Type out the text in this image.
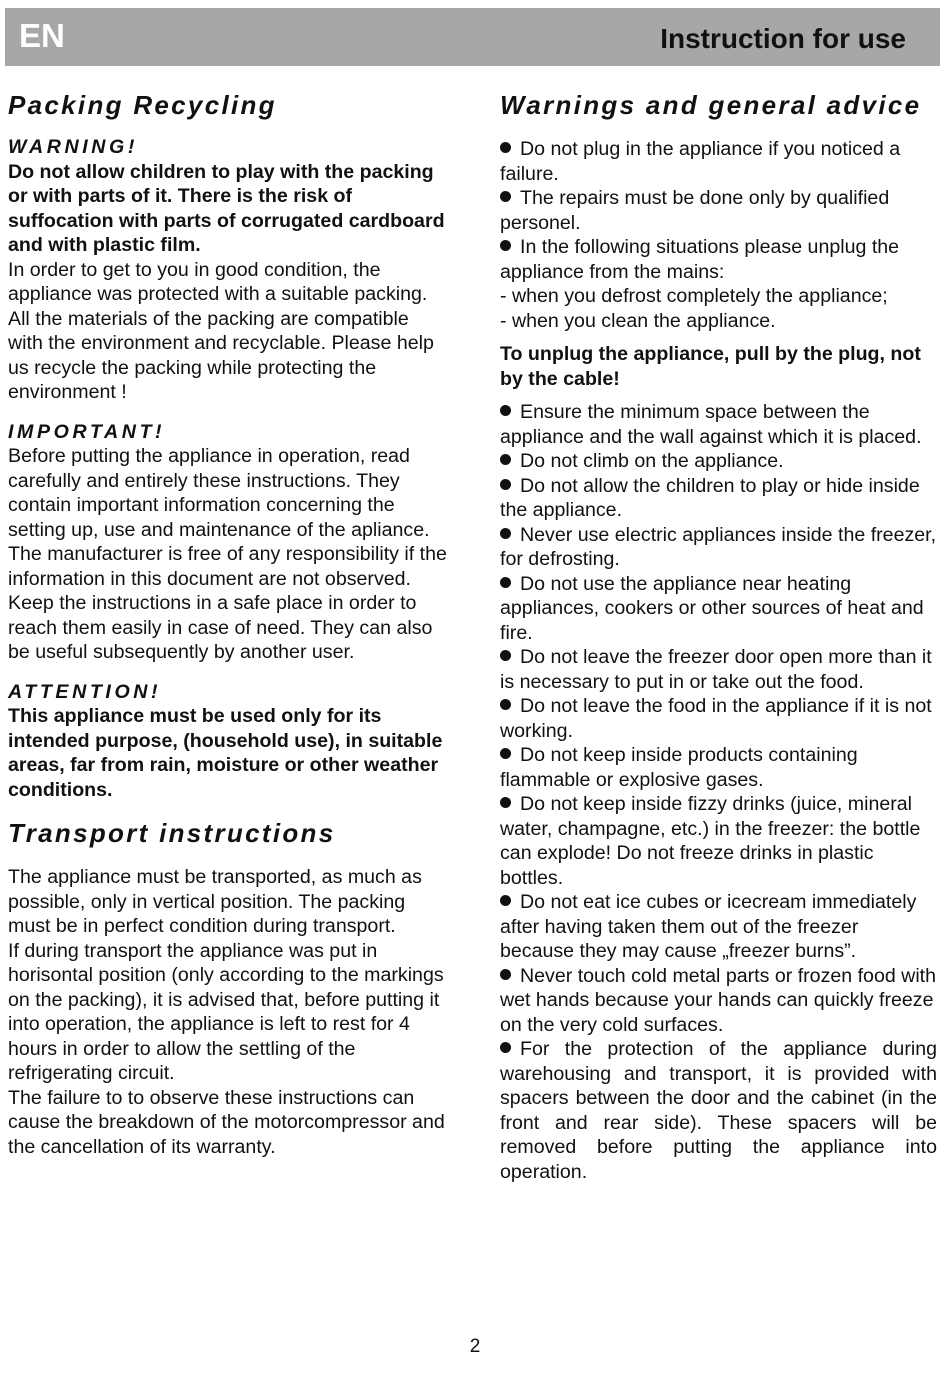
EN	Instruction for use
Packing Recycling

WARNING!

Do not allow children to play with the packing or with parts of it. There is the risk of suffocation with parts of corrugated cardboard and with plastic film.

In order to get to you in good condition, the appliance was protected with a suitable packing. All the materials of the packing are compatible with the environment and recyclable. Please help us recycle the packing while protecting the environment !

IMPORTANT!

Before putting the appliance in operation, read carefully and entirely these instructions. They contain important information concerning the setting up, use and maintenance of the apliance.

The manufacturer is free of any responsibility if the information in this document are not observed. Keep the instructions in a safe place in order to reach them easily in case of need. They can also be useful subsequently by another user.

ATTENTION!

This appliance must be used only for its intended purpose, (household use), in suitable areas, far from rain, moisture or other weather conditions.

Transport instructions

The appliance must be transported, as much as possible, only in vertical position. The packing must be in perfect condition during transport.

If during transport the appliance was put in horisontal position (only according to the markings on the packing), it is advised that, before putting it into operation, the appliance is left to rest for 4 hours in order to allow the settling of the refrigerating circuit.

The failure to to observe these instructions can cause the breakdown of the motorcompressor and the cancellation of its warranty.

Warnings and general advice

Do not plug in the appliance if you noticed a failure.

The repairs must be done only by qualified personel.

In the following situations please unplug the appliance from the mains:

- when you defrost completely the appliance;

- when you clean the appliance.

To unplug the appliance, pull by the plug, not by the cable!

Ensure the minimum space between the appliance and the wall against which it is placed.

Do not climb on the appliance.

Do not allow the children to play or hide inside the appliance.

Never use electric appliances inside the freezer, for defrosting.

Do not use the appliance near heating appliances, cookers or other sources of heat and fire.

Do not leave the freezer door open more than it is necessary to put in or take out the food.

Do not leave the food in the appliance if it is not working.

Do not keep inside products containing flammable or explosive gases.

Do not keep inside fizzy drinks (juice, mineral water, champagne, etc.) in the freezer: the bottle can explode! Do not freeze drinks in plastic bottles.

Do not eat ice cubes or icecream immediately after having taken them out of the freezer because they may cause „freezer burns”.

Never touch cold metal parts or frozen food with wet hands because your hands can quickly freeze on the very cold surfaces.

For the protection of the appliance during warehousing and transport, it is provided with spacers between the door and the cabinet (in the front and rear side). These spacers will be removed before putting the appliance into operation.

2
